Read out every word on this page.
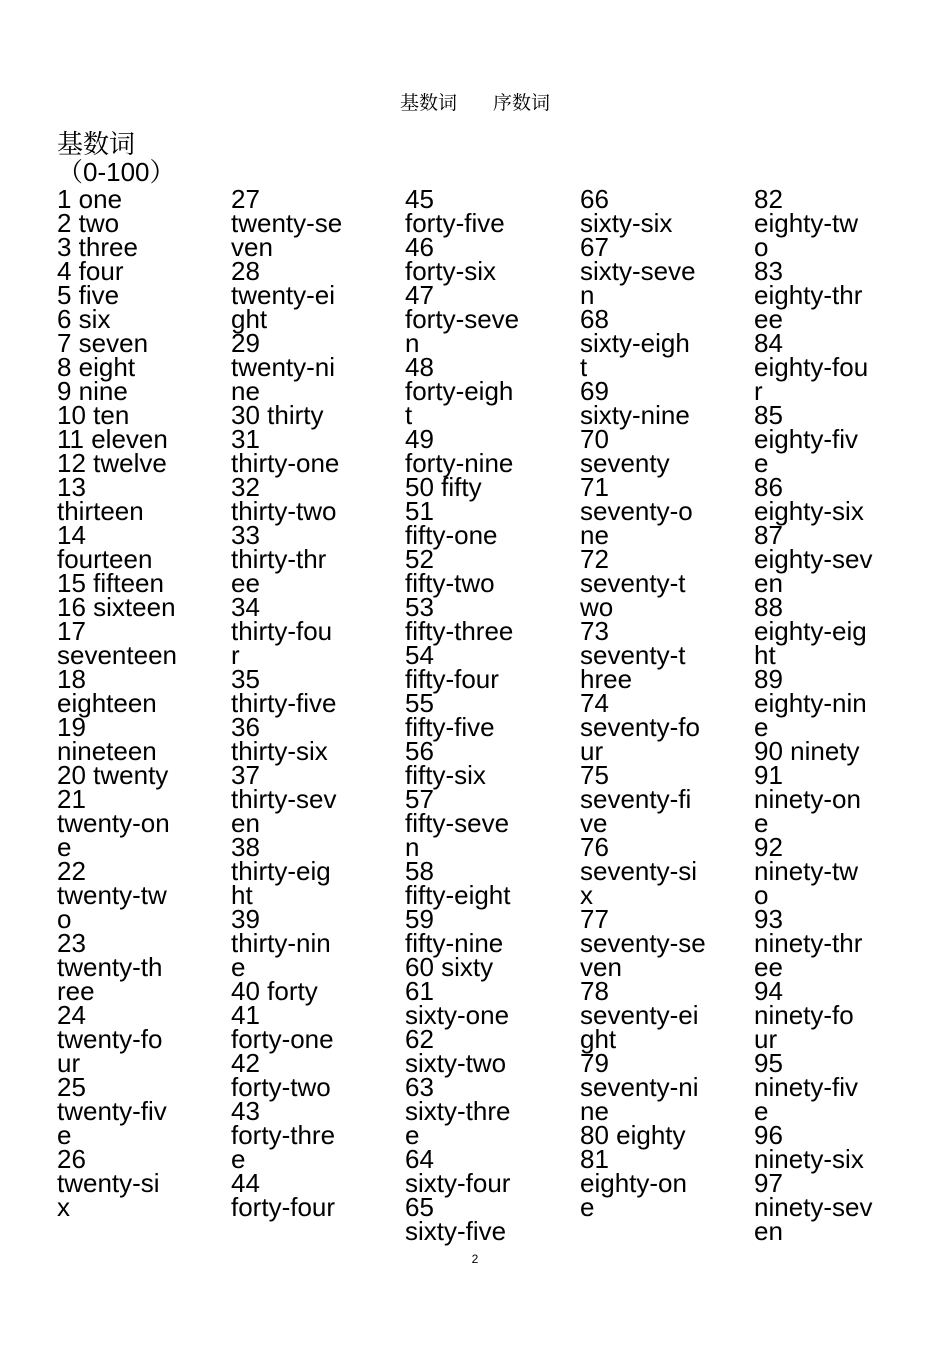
基数词 序数词
基数词
（0-100）
1 one
2 two
3 three
4 four
5 five
6 six
7 seven
8 eight
9 nine
10 ten
11 eleven
12 twelve
13
thirteen
14
fourteen
15 fifteen
16 sixteen
17
seventeen
18
eighteen
19
nineteen
20 twenty
21
twenty-on
e
22
twenty-tw
o
23
twenty-th
ree
24
twenty-fo
ur
25
twenty-fiv
e
26
twenty-si
x
27
twenty-se
ven
28
twenty-ei
ght
29
twenty-ni
ne
30 thirty
31
thirty-one
32
thirty-two
33
thirty-thr
ee
34
thirty-fou
r
35
thirty-five
36
thirty-six
37
thirty-sev
en
38
thirty-eig
ht
39
thirty-nin
e
40 forty
41
forty-one
42
forty-two
43
forty-thre
e
44
forty-four
45
forty-five
46
forty-six
47
forty-seve
n
48
forty-eigh
t
49
forty-nine
50 fifty
51
fifty-one
52
fifty-two
53
fifty-three
54
fifty-four
55
fifty-five
56
fifty-six
57
fifty-seve
n
58
fifty-eight
59
fifty-nine
60 sixty
61
sixty-one
62
sixty-two
63
sixty-thre
e
64
sixty-four
65
sixty-five
66
sixty-six
67
sixty-seve
n
68
sixty-eigh
t
69
sixty-nine
70
seventy
71
seventy-o
ne
72
seventy-t
wo
73
seventy-t
hree
74
seventy-fo
ur
75
seventy-fi
ve
76
seventy-si
x
77
seventy-se
ven
78
seventy-ei
ght
79
seventy-ni
ne
80 eighty
81
eighty-on
e
82
eighty-tw
o
83
eighty-thr
ee
84
eighty-fou
r
85
eighty-fiv
e
86
eighty-six
87
eighty-sev
en
88
eighty-eig
ht
89
eighty-nin
e
90 ninety
91
ninety-on
e
92
ninety-tw
o
93
ninety-thr
ee
94
ninety-fo
ur
95
ninety-fiv
e
96
ninety-six
97
ninety-sev
en
2
